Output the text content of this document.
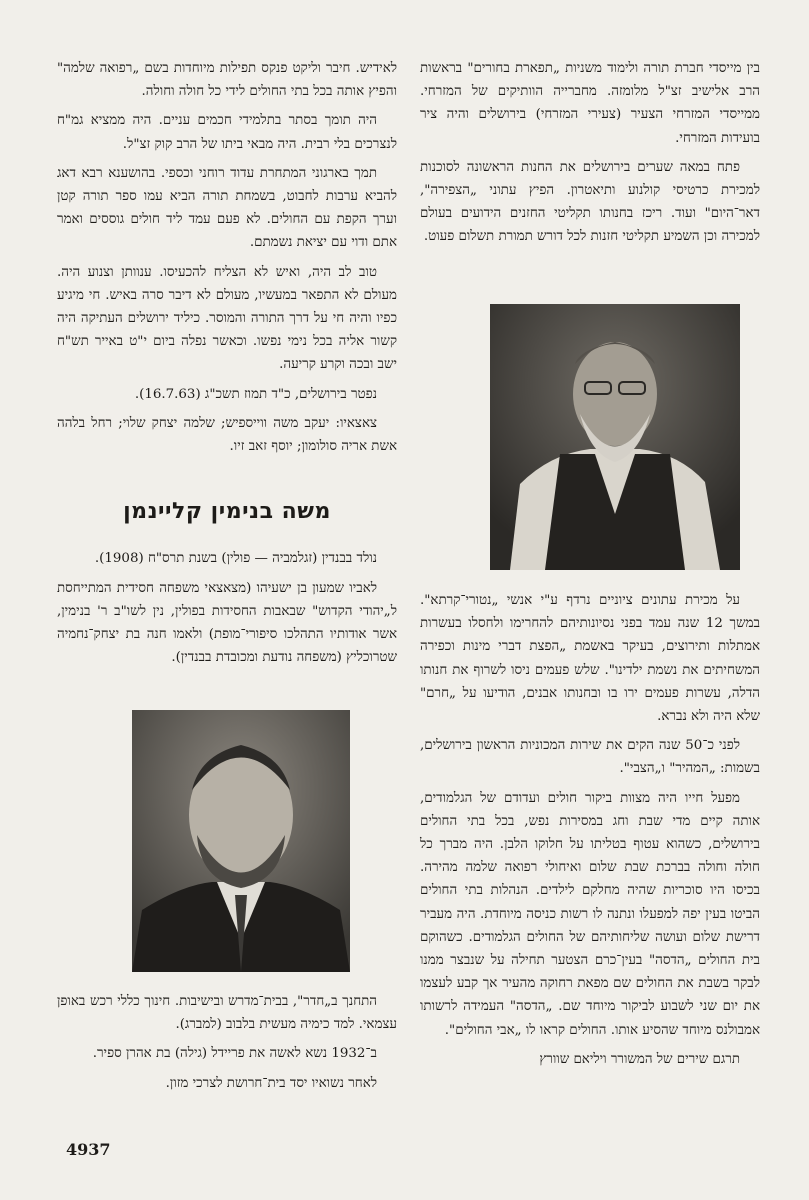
בין מייסדי חברת תורה ולימוד משניות „תפארת בחורים" בראשות הרב אלישיב זצ"ל מלומזה. מחברייה הוותיקים של המזרחי. ממייסדי המזרחי הצעיר (צעירי המזרחי) בירושלים והיה ציר בועידות המזרחי.

פתח במאה שערים בירושלים את החנות הראשונה לסוכנות למכירת כרטיסי קולנוע ותיאטרון. הפיץ עתוני „הצפירה", דאר־היום" ועוד. ריכז בחנותו תקליטי החזנים הידועים בעולם למכירה וכן השמיע תקליטי חזנות לכל דורש תמורת תשלום פעוט.

על מכירת עתונים ציוניים נרדף ע"י אנשי „נטורי־קרתא". במשך 12 שנה עמד בפני נסיונותיהם להחרימו ולחסלו בעשרות אמתלות ותירוצים, בעיקר באשמת „הפצת דברי מינות וכפירה המשחיתים את נשמת ילדינו". שלש פעמים ניסו לשרוף את חנותו הדלה, עשרות פעמים ירו בו ובחנותו אבנים, הודיעו על „חרם" שלא היה ולא נברא.

לפני כ־50 שנה הקים את שירות המכוניות הראשון בירושלים, בשמות: „המהיר" ו„הצבי".

מפעל חייו היה מצוות ביקור חולים ועדודם של הגלמודים, אותה קיים מדי שבת וחג במסירות נפש, בכל בתי החולים בירושלים, כשהוא עטוף בטליתו על חלוקו הלבן. היה מברך כל חולה וחולה בברכת שבת שלום ואיחולי רפואה שלמה מהירה. בכיסו היו סוכריות שהיה מחלקם לילדים. הנהלות בתי החולים הביטו בעין יפה למפעלו ונתנה לו רשות כניסה מיוחדת. היה מעביר דרישת שלום ועושה שליחותיהם של החולים הגלמודים. כשהוקם בית החולים „הדסה" בעין־כרם הצטער תחילה על שנבצר ממנו לבקר בשבת את החולים שם מפאת רחוקה מהעיר אך קבע לעצמו את יום שני לשבוע לביקור מיוחד שם. „הדסה" העמידה לרשותו אמבולנס מיוחד שהסיע אותו. החולים קראו לו „אבי החולים".

תרגם שירים של המשורר ויליאם שוורץ

לאידיש. חיבר וליקט פנקס תפילות מיוחדות בשם „רפואה שלמה" והפיץ אותה בכל בתי החולים לידי כל חולה וחולה.

היה תומך בסתר בתלמידי חכמים עניים. היה ממציא גמ"ח לנצרכים בלי רבית. היה מבאי ביתו של הרב קוק זצ"ל.

תמך בארגוני המתחרת עדוד רוחני וכספי. בהושענא רבא דאג להביא ערבות לחבוט, בשמחת תורה הביא עמו ספר תורה קטן וערך הקפת עם החולים. לא פעם עמד ליד חולים גוססים ואמר אתם ודוי עם יציאת נשמתם.

טוב לב היה, ואיש לא הצליח להכעיסו. ענוותן וצנוע היה. מעולם לא התפאר במעשיו, מעולם לא דיבר סרה באיש. חי מיגיע כפיו והיה חי על דרך התורה והמוסר. כיליד ירושלים העתיקה היה קשור אליה בכל נימי נפשו. וכאשר נפלה ביום י"ט באייר תש"ח ישב ובכה וקרע קריעה.

נפטר בירושלים, כ"ד תמוז תשכ"ג (16.7.63).

צאצאיו: יעקב משה ווייספיש; שלמה יצחק שלוי; רחל בלהה אשת אריה סולומון; יוסף זאב זיו.

משה בנימין קליינמן

נולד בבנדין (זגלמביה — פולין) בשנת תרס"ח (1908).

לאביו שמעון בן ישעיהו (מצאצאי משפחה חסידית המתייחסת ל„יהודי הקדוש" שבאבות החסידות בפולין, נין לשו"ב ר' בנימין, אשר אודותיו התהלכו סיפורי־מופת) ולאמו חנה בת יצחק־נחמיה שטרוכליץ (משפחה נודעת ומכובדת בבנדין).

התחנך ב„חדר", בבית־מדרש ובישיבות. חינוך כללי רכש באופן עצמאי. למד כימיה מעשית בלבוב (למברג).

ב־1932 נשא לאשה את פריידל (גילה) בת אהרן ספיר.

לאחר נשואיו יסד בית־חרושת לצרכי מזון.

4937
